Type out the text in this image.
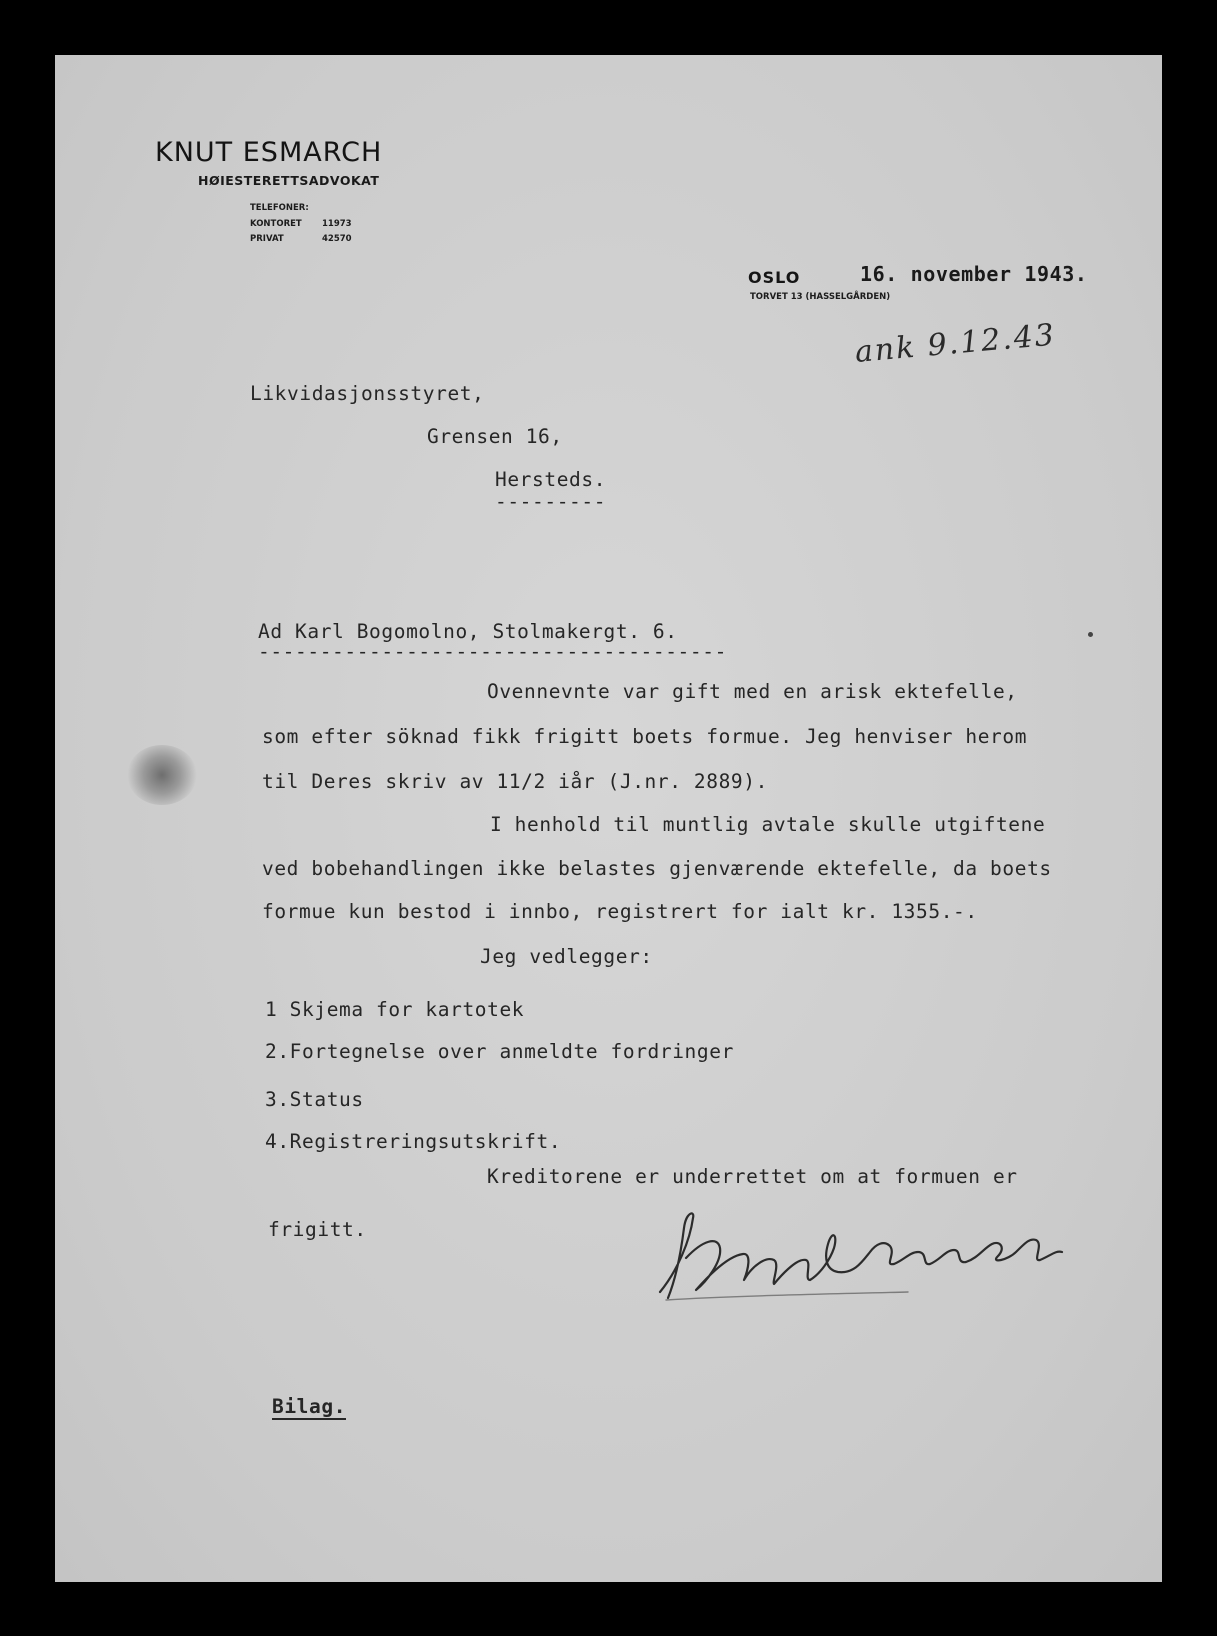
KNUT ESMARCH
HØIESTERETTSADVOKAT
TELEFONER:
KONTORET 11973
PRIVAT	42570
OSLO	16. november 1943.
TORVET 13 (HASSELGÅRDEN)
ank 9.12.43
Likvidasjonsstyret,
Grensen 16,
Hersteds.
---------
Ad Karl Bogomolno, Stolmakergt. 6.
--------------------------------------
Ovennevnte var gift med en arisk ektefelle,
som efter söknad fikk frigitt boets formue. Jeg henviser herom
til Deres skriv av 11/2 iår (J.nr. 2889).
I henhold til muntlig avtale skulle utgiftene
ved bobehandlingen ikke belastes gjenværende ektefelle, da boets
formue kun bestod i innbo, registrert for ialt kr. 1355.-.
Jeg vedlegger:
1 Skjema for kartotek
2.Fortegnelse over anmeldte fordringer
3.Status
4.Registreringsutskrift.
Kreditorene er underrettet om at formuen er
frigitt.
Bilag.
